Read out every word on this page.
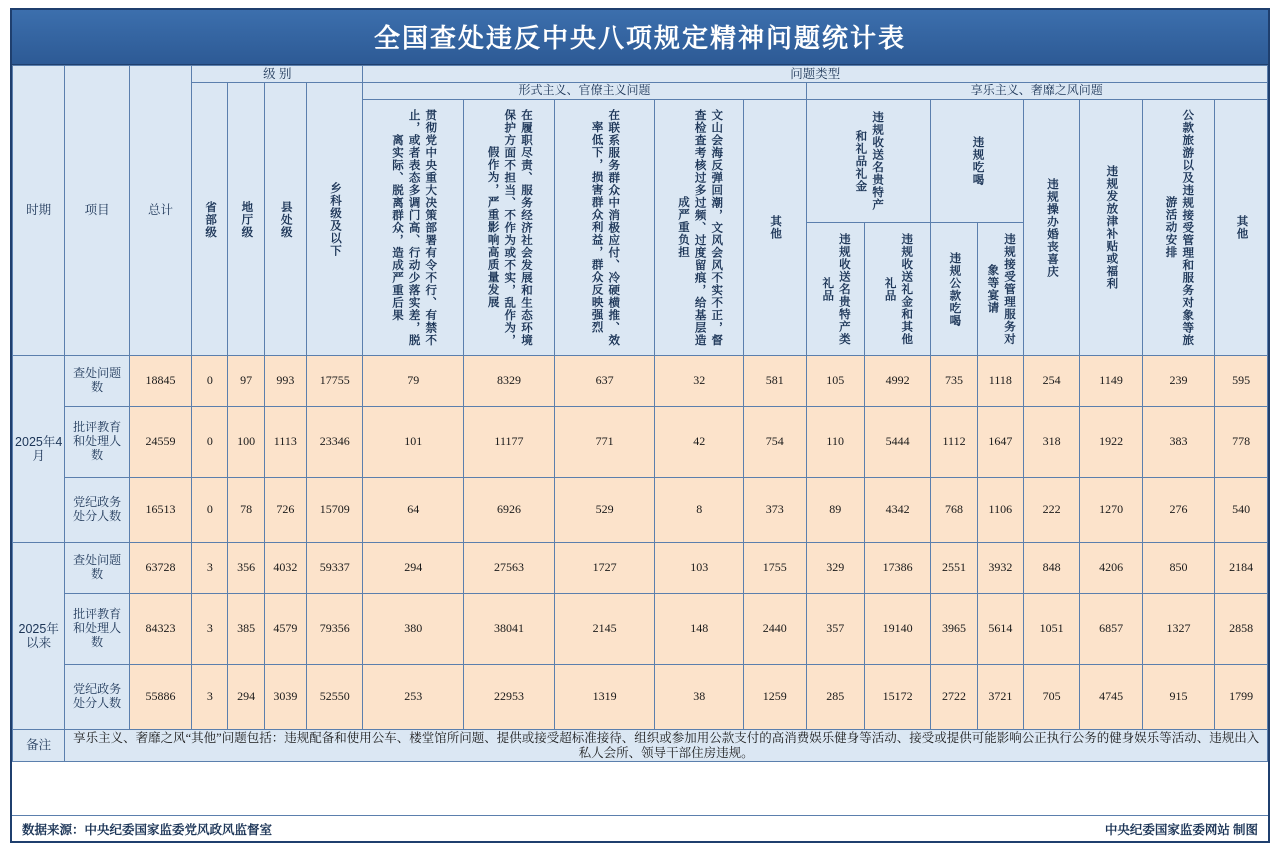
全国查处违反中央八项规定精神问题统计表
时期	项目	总计	级 别				问题类型												

			省部级	地厅级	县处级	乡科级及以下	形式主义、官僚主义问题					享乐主义、奢靡之风问题							

							贯彻党中央重大决策部署有令不行、有禁不止，或者表态多调门高、行动少落实差，脱离实际、脱离群众，造成严重后果	在履职尽责、服务经济社会发展和生态环境保护方面不担当、不作为或不实，乱作为，假作为，严重影响高质量发展	在联系服务群众中消极应付、冷硬横推、效率低下，损害群众利益，群众反映强烈	文山会海反弹回潮，文风会风不实不正，督查检查考核过多过频、过度留痕，给基层造成严重负担	其他	违规收送名贵特产和礼品礼金		违规吃喝		违规操办婚丧喜庆	违规发放津补贴或福利	公款旅游以及违规接受管理和服务对象等旅游活动安排	其他

												违规收送名贵特产类礼品	违规收送礼金和其他礼品	违规公款吃喝	违规接受管理服务对象等宴请				

2025年4月	查处问题数	18845	0	97	993	17755	79	8329	637	32	581	105	4992	735	1118	254	1149	239	595
	批评教育和处理人数	24559	0	100	1113	23346	101	11177	771	42	754	110	5444	1112	1647	318	1922	383	778
	党纪政务处分人数	16513	0	78	726	15709	64	6926	529	8	373	89	4342	768	1106	222	1270	276	540
2025年以来	查处问题数	63728	3	356	4032	59337	294	27563	1727	103	1755	329	17386	2551	3932	848	4206	850	2184
	批评教育和处理人数	84323	3	385	4579	79356	380	38041	2145	148	2440	357	19140	3965	5614	1051	6857	1327	2858
	党纪政务处分人数	55886	3	294	3039	52550	253	22953	1319	38	1259	285	15172	2722	3721	705	4745	915	1799
备注	享乐主义、奢靡之风“其他”问题包括：违规配备和使用公车、楼堂馆所问题、提供或接受超标准接待、组织或参加用公款支付的高消费娱乐健身等活动、接受或提供可能影响公正执行公务的健身娱乐等活动、违规出入私人会所、领导干部住房违规。																		
数据来源：中央纪委国家监委党风政风监督室	中央纪委国家监委网站 制图
